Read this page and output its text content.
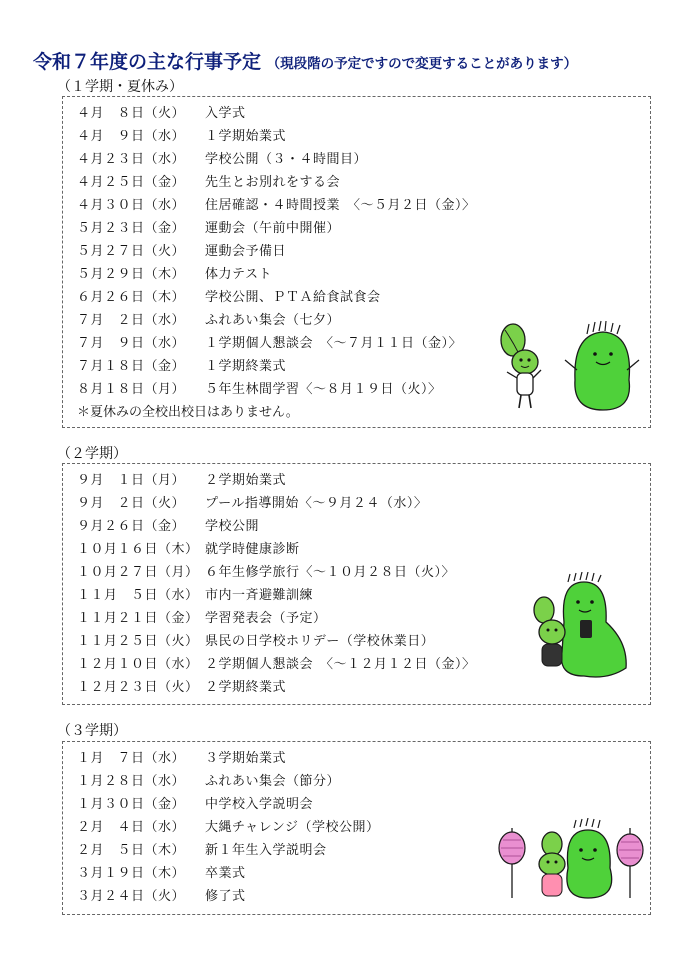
令和７年度の主な行事予定 （現段階の予定ですので変更することがあります）
（１学期・夏休み）
４月　８日（火） 入学式
４月　９日（水） １学期始業式
４月２３日（水） 学校公開（３・４時間目）
４月２５日（金） 先生とお別れをする会
４月３０日（水） 住居確認・４時間授業　〈～５月２日（金）〉
５月２３日（金） 運動会（午前中開催）
５月２７日（火） 運動会予備日
５月２９日（木） 体力テスト
６月２６日（木） 学校公開、ＰＴＡ給食試食会
７月　２日（水） ふれあい集会（七夕）
７月　９日（水） １学期個人懇談会　〈～７月１１日（金）〉
７月１８日（金） １学期終業式
８月１８日（月） ５年生林間学習〈～８月１９日（火）〉
＊夏休みの全校出校日はありません。
（２学期）
９月　１日（月） ２学期始業式
９月　２日（火） プール指導開始〈～９月２４（水）〉
９月２６日（金） 学校公開
１０月１６日（木） 就学時健康診断
１０月２７日（月） ６年生修学旅行〈～１０月２８日（火）〉
１１月　５日（水） 市内一斉避難訓練
１１月２１日（金） 学習発表会（予定）
１１月２５日（火） 県民の日学校ホリデー（学校休業日）
１２月１０日（水） ２学期個人懇談会　〈～１２月１２日（金）〉
１２月２３日（火） ２学期終業式
（３学期）
１月　７日（水） ３学期始業式
１月２８日（水） ふれあい集会（節分）
１月３０日（金） 中学校入学説明会
２月　４日（水） 大縄チャレンジ（学校公開）
２月　５日（木） 新１年生入学説明会
３月１９日（木） 卒業式
３月２４日（火） 修了式
